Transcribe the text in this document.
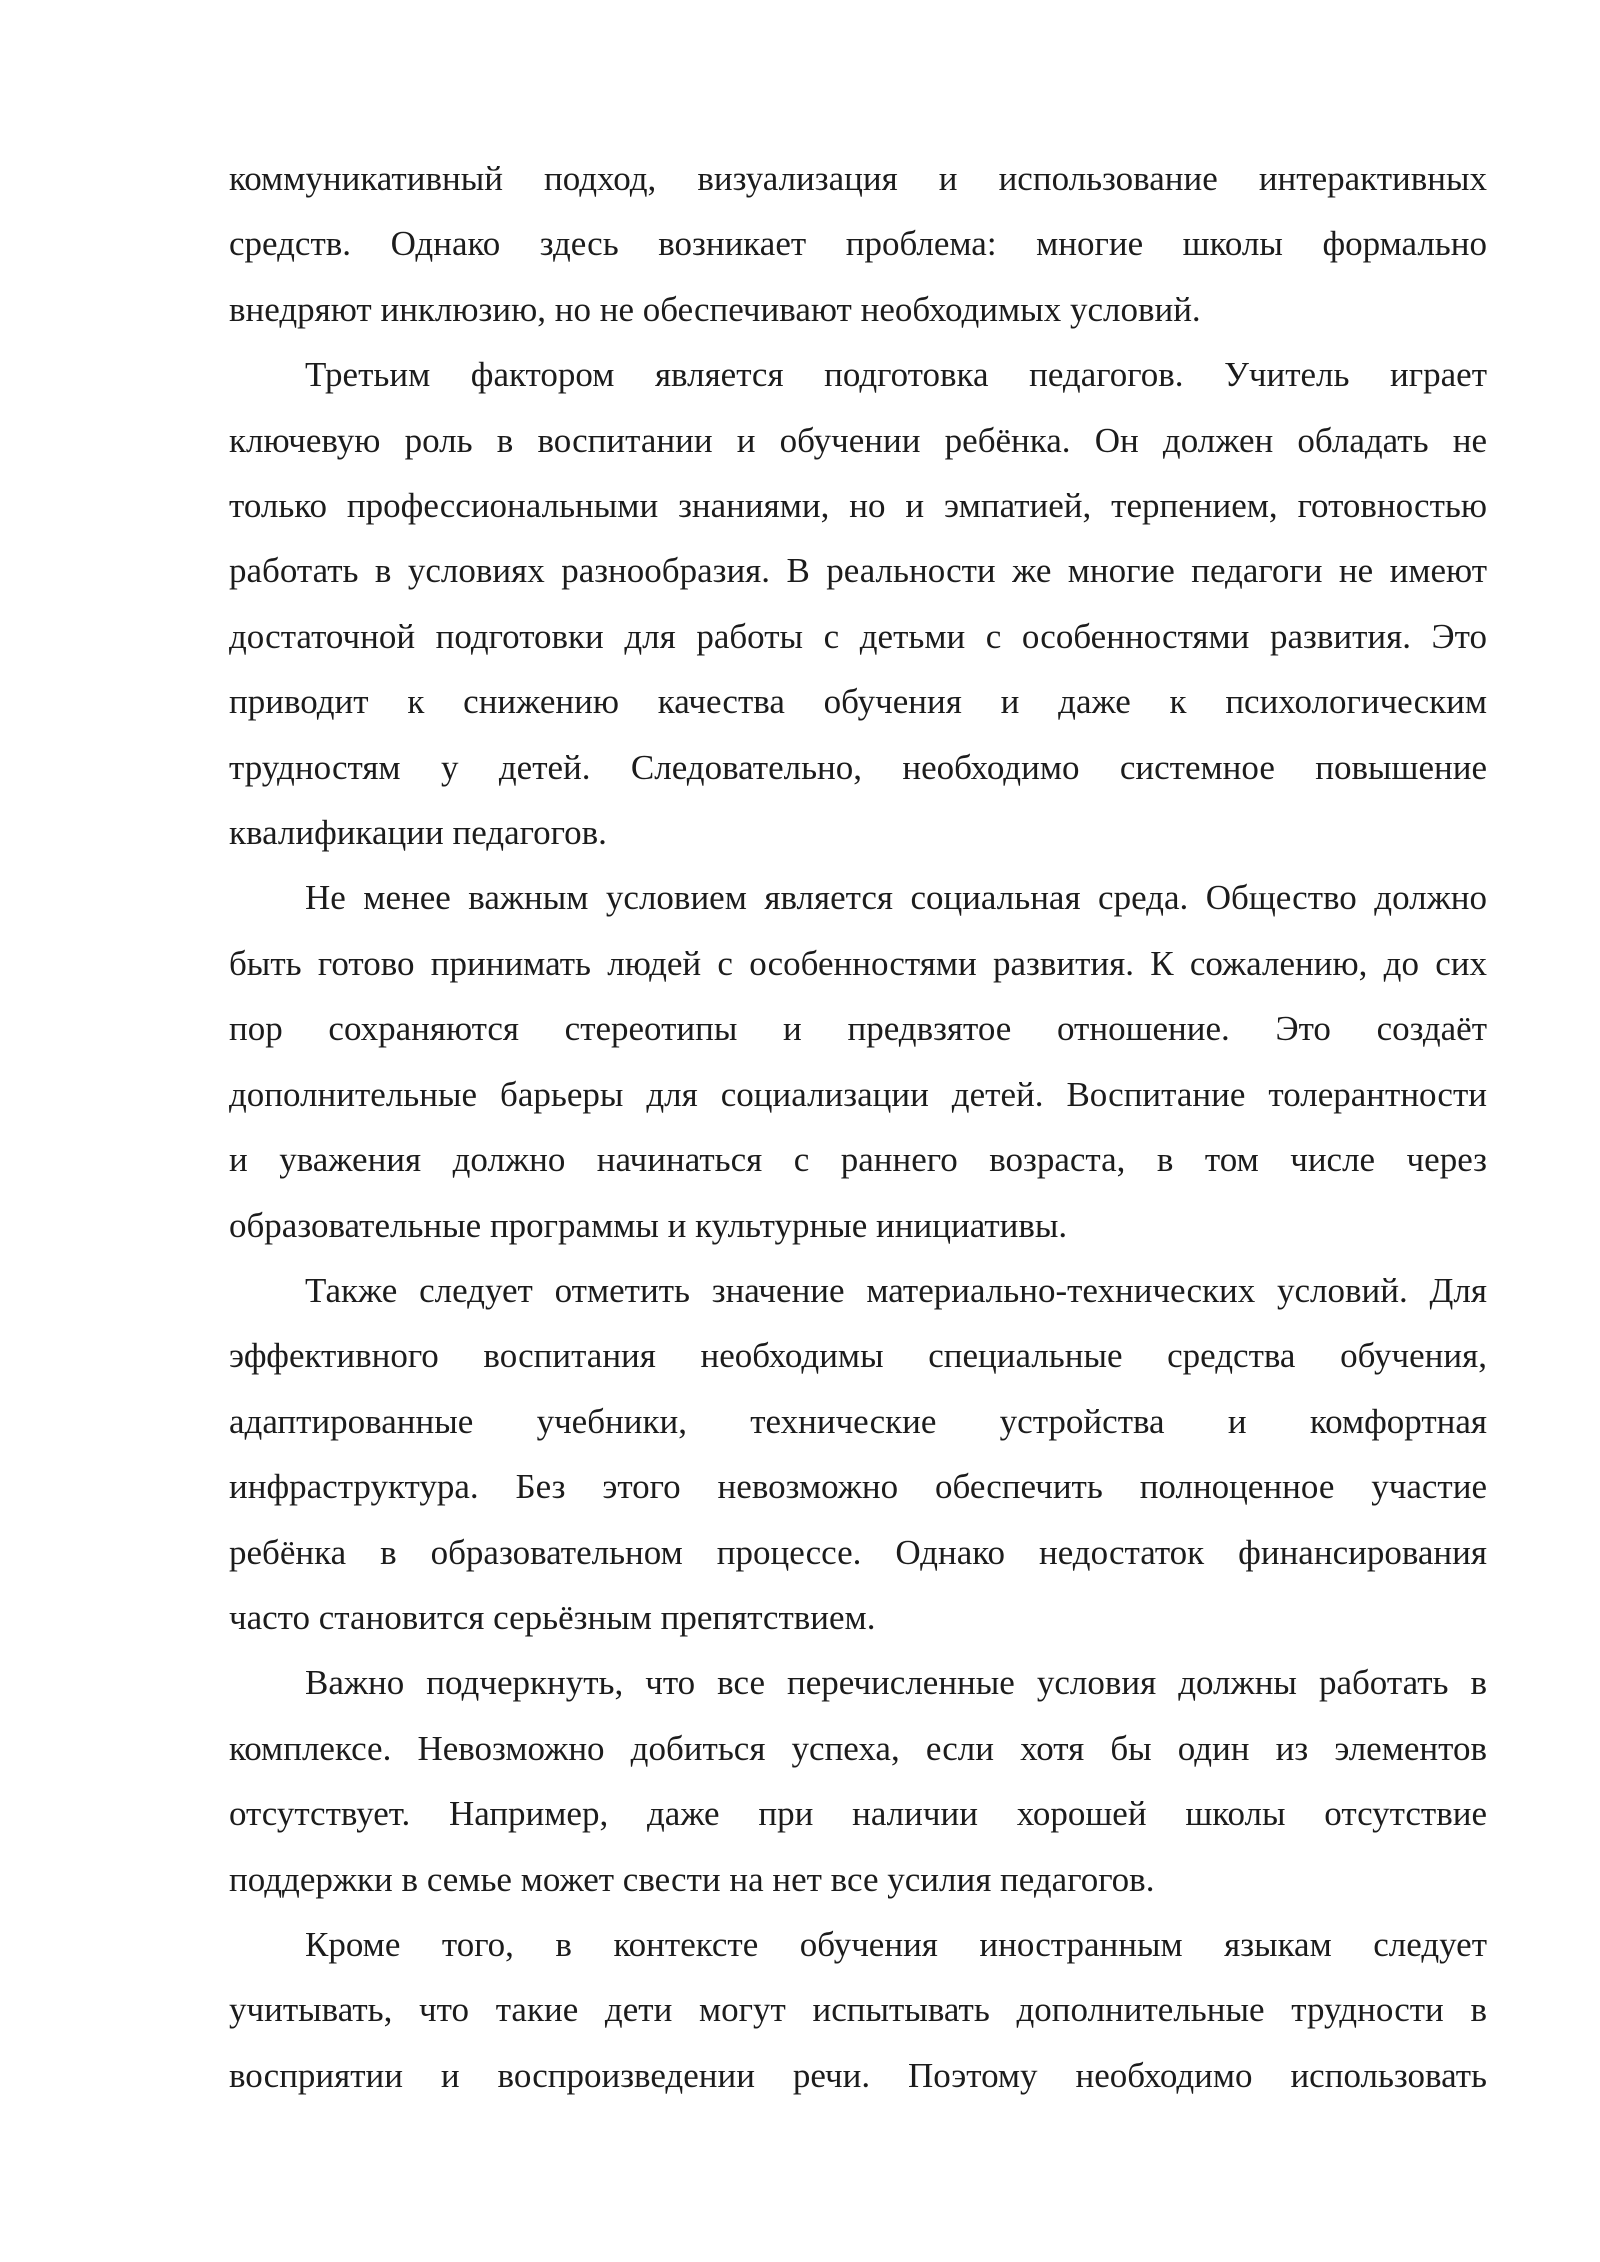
коммуникативный подход, визуализация и использование интерактивных
средств. Однако здесь возникает проблема: многие школы формально
внедряют инклюзию, но не обеспечивают необходимых условий.
Третьим фактором является подготовка педагогов. Учитель играет
ключевую роль в воспитании и обучении ребёнка. Он должен обладать не
только профессиональными знаниями, но и эмпатией, терпением, готовностью
работать в условиях разнообразия. В реальности же многие педагоги не имеют
достаточной подготовки для работы с детьми с особенностями развития. Это
приводит к снижению качества обучения и даже к психологическим
трудностям у детей. Следовательно, необходимо системное повышение
квалификации педагогов.
Не менее важным условием является социальная среда. Общество должно
быть готово принимать людей с особенностями развития. К сожалению, до сих
пор сохраняются стереотипы и предвзятое отношение. Это создаёт
дополнительные барьеры для социализации детей. Воспитание толерантности
и уважения должно начинаться с раннего возраста, в том числе через
образовательные программы и культурные инициативы.
Также следует отметить значение материально-технических условий. Для
эффективного воспитания необходимы специальные средства обучения,
адаптированные учебники, технические устройства и комфортная
инфраструктура. Без этого невозможно обеспечить полноценное участие
ребёнка в образовательном процессе. Однако недостаток финансирования
часто становится серьёзным препятствием.
Важно подчеркнуть, что все перечисленные условия должны работать в
комплексе. Невозможно добиться успеха, если хотя бы один из элементов
отсутствует. Например, даже при наличии хорошей школы отсутствие
поддержки в семье может свести на нет все усилия педагогов.
Кроме того, в контексте обучения иностранным языкам следует
учитывать, что такие дети могут испытывать дополнительные трудности в
восприятии и воспроизведении речи. Поэтому необходимо использовать
